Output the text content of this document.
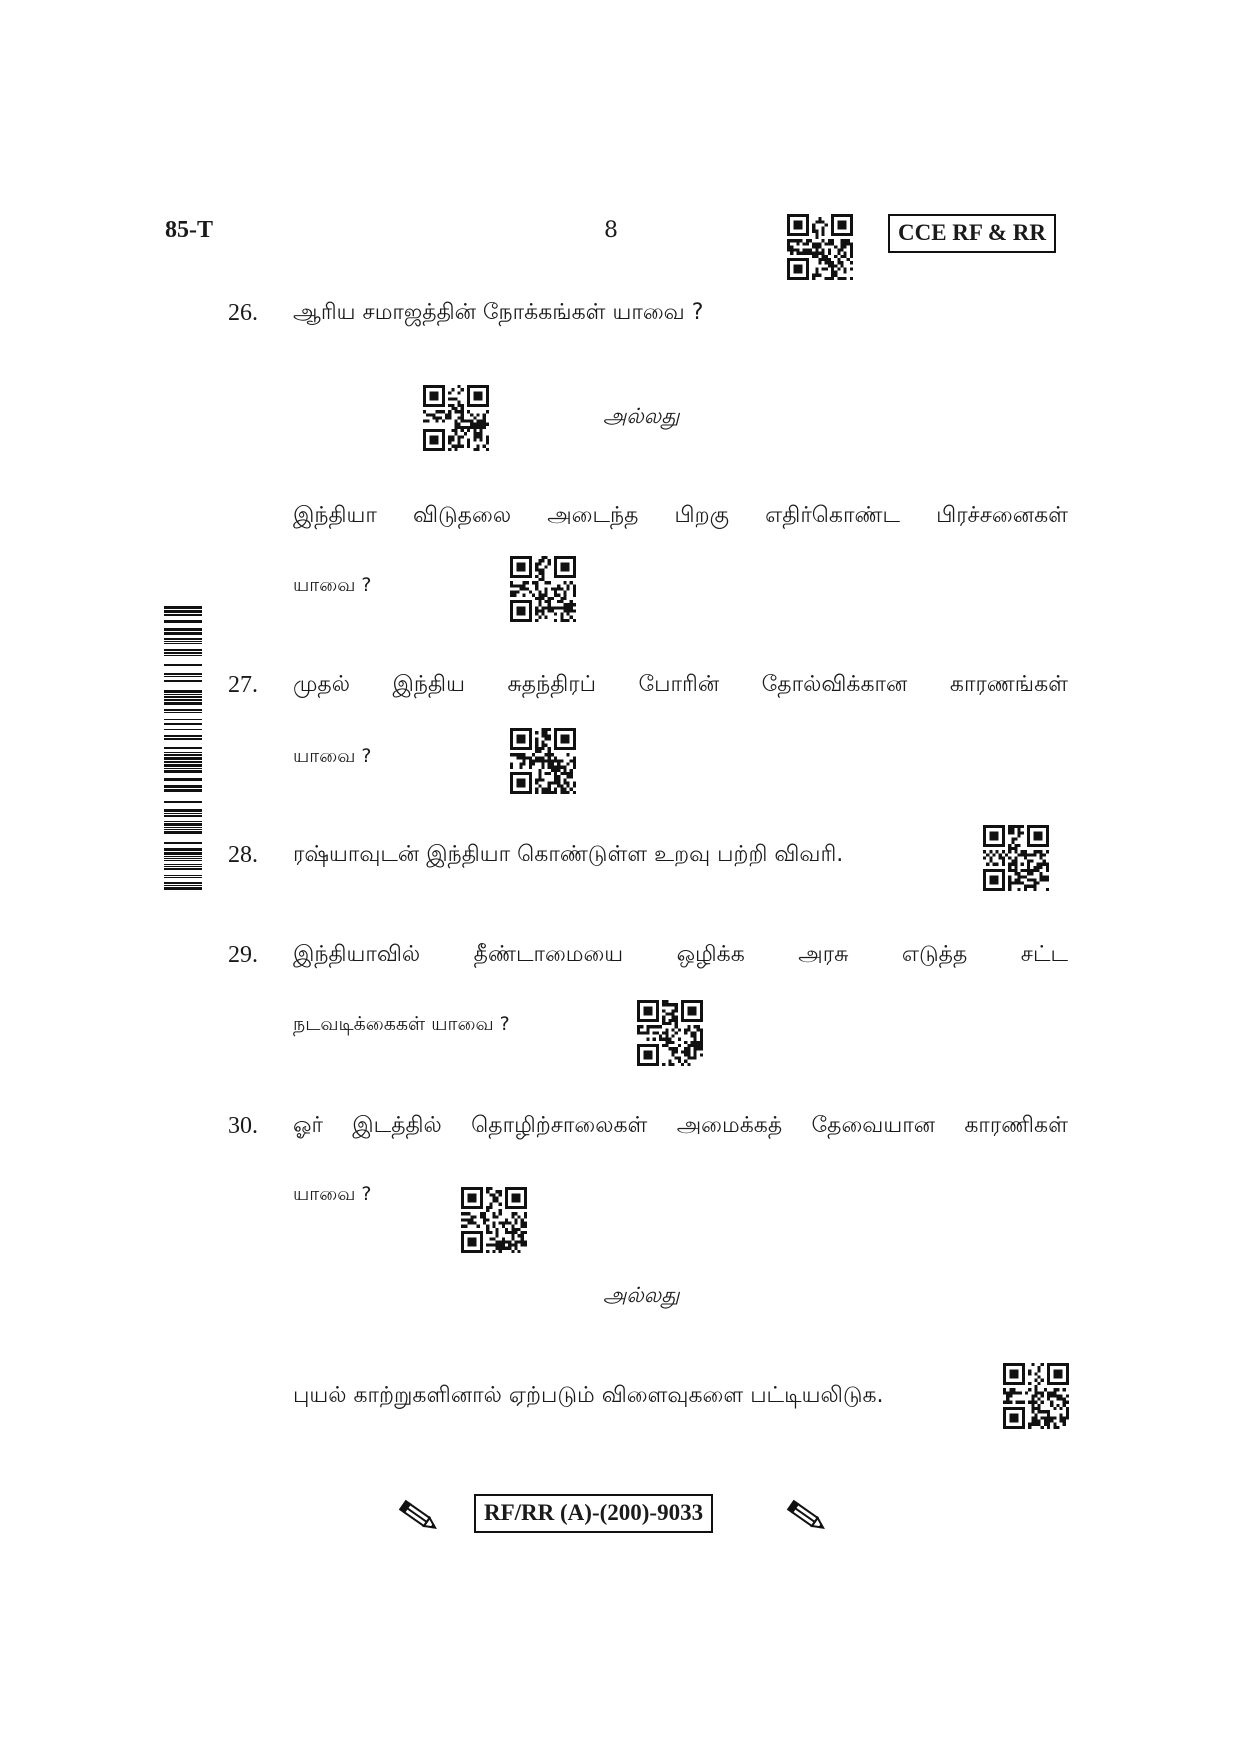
85-T	8	CCE RF & RR
26. ஆரிய சமாஜத்தின் நோக்கங்கள் யாவை ?
அல்லது
இந்தியா விடுதலை அடைந்த பிறகு எதிர்கொண்ட பிரச்சனைகள்
யாவை ?
27. முதல் இந்திய சுதந்திரப் போரின் தோல்விக்கான காரணங்கள்
யாவை ?
28. ரஷ்யாவுடன் இந்தியா கொண்டுள்ள உறவு பற்றி விவரி.
29. இந்தியாவில் தீண்டாமையை ஒழிக்க அரசு எடுத்த சட்ட
நடவடிக்கைகள் யாவை ?
30. ஓர் இடத்தில் தொழிற்சாலைகள் அமைக்கத் தேவையான காரணிகள்
யாவை ?
அல்லது
புயல் காற்றுகளினால் ஏற்படும் விளைவுகளை பட்டியலிடுக.
RF/RR (A)-(200)-9033
